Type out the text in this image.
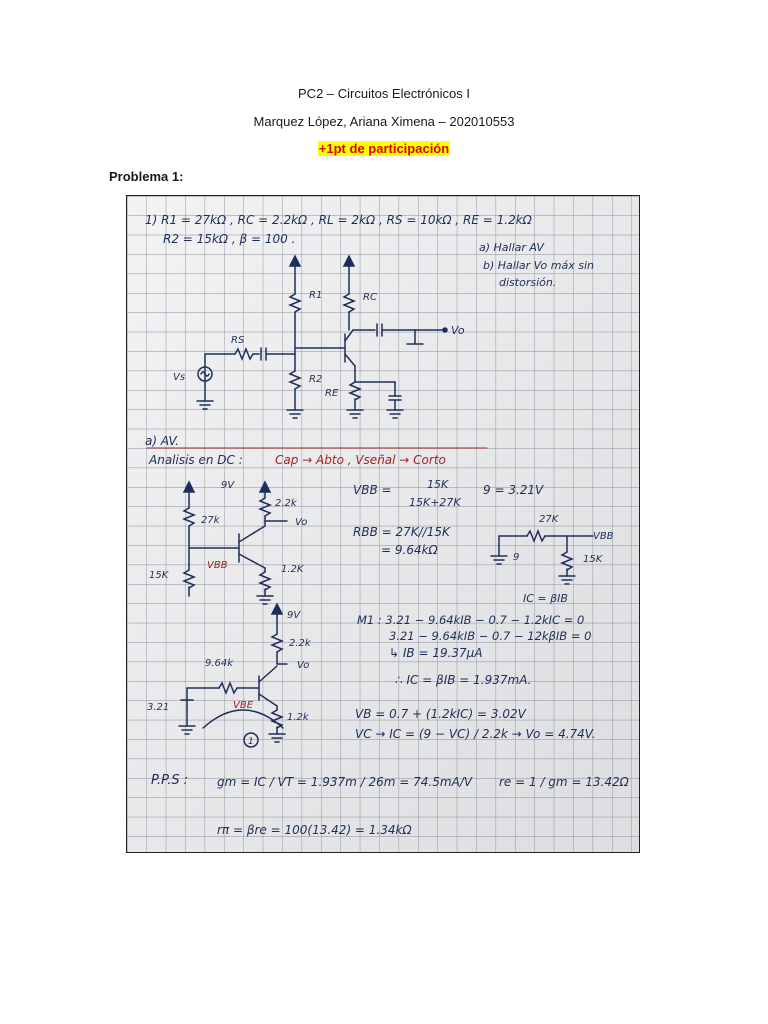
PC2 – Circuitos Electrónicos I
Marquez López, Ariana Ximena – 202010553
+1pt de participación
Problema 1:
1) R1 = 27kΩ , RC = 2.2kΩ , RL = 2kΩ , RS = 10kΩ , RE = 1.2kΩ
R2 = 15kΩ , β = 100 .
a) Hallar AV
b) Hallar Vo máx sin
distorsión.
R1	RC
RS
R2
RE
Vs
Vo
a) AV.
Analisis en DC :	Cap → Abto , Vseñal → Corto
9V
27k
2.2k
Vo
VBB
15K
1.2K
VBB =	15K
15K+27K
9 = 3.21V
RBB = 27K//15K
= 9.64kΩ
27K
VBB
9	15K
IC = βIB
M1 : 3.21 − 9.64kIB − 0.7 − 1.2kIC = 0
3.21 − 9.64kIB − 0.7 − 12kβIB = 0
↳ IB = 19.37μA
∴ IC = βIB = 1.937mA.
9V
2.2k
9.64k	Vo
VBE
3.21
1.2k
1
VB = 0.7 + (1.2kIC) = 3.02V
VC → IC = (9 − VC) / 2.2k → Vo = 4.74V.
P.P.S : gm = IC / VT = 1.937m / 26m = 74.5mA/V re = 1 / gm = 13.42Ω
rπ = βre = 100(13.42) = 1.34kΩ
